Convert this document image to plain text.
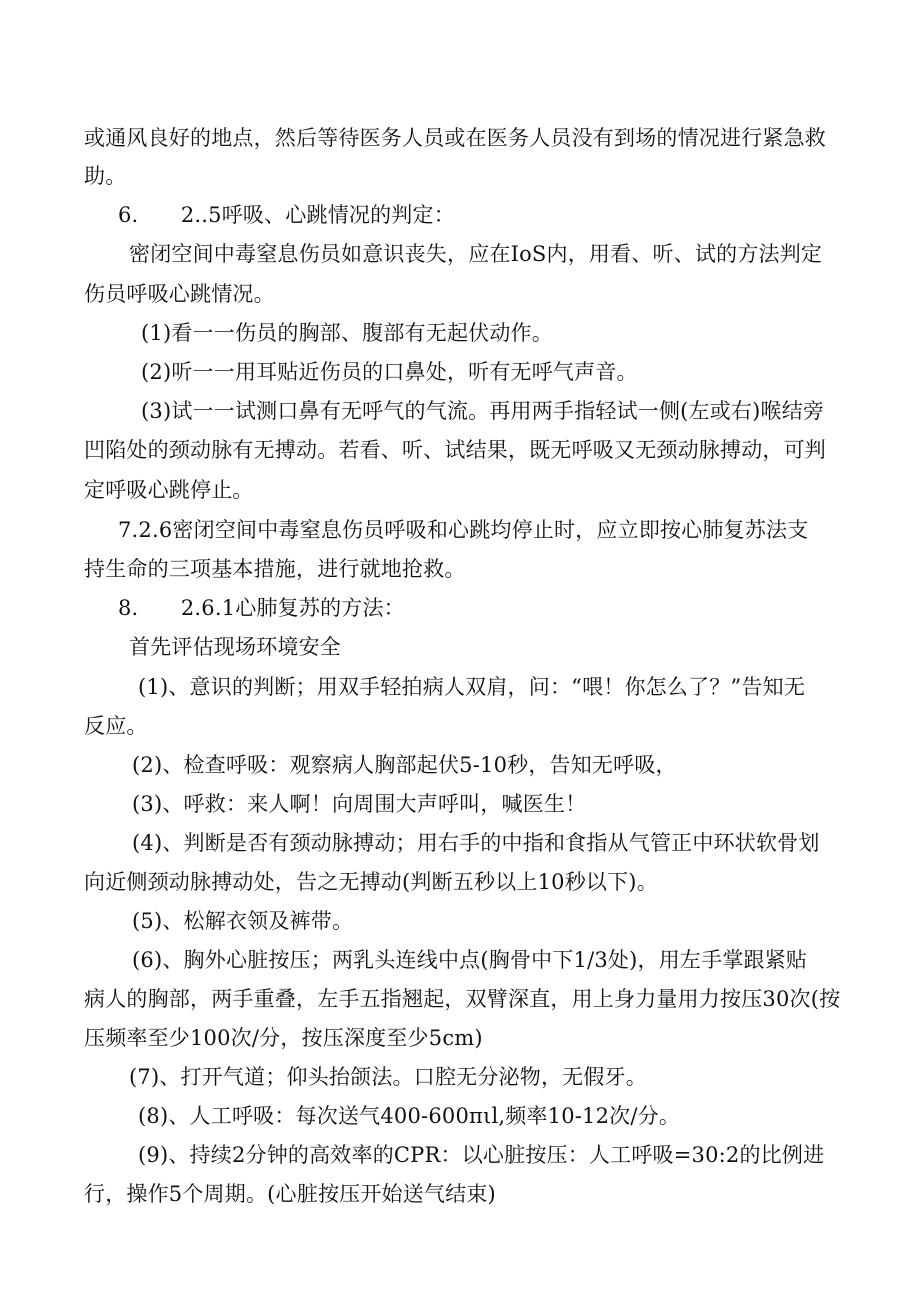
或通风良好的地点，然后等待医务人员或在医务人员没有到场的情况进行紧急救
助。
6.　　2..5呼吸、心跳情况的判定：
密闭空间中毒窒息伤员如意识丧失，应在IoS内，用看、听、试的方法判定
伤员呼吸心跳情况。
(1)看一一伤员的胸部、腹部有无起伏动作。
(2)听一一用耳贴近伤员的口鼻处，听有无呼气声音。
(3)试一一试测口鼻有无呼气的气流。再用两手指轻试一侧(左或右)喉结旁
凹陷处的颈动脉有无搏动。若看、听、试结果，既无呼吸又无颈动脉搏动，可判
定呼吸心跳停止。
7.2.6密闭空间中毒窒息伤员呼吸和心跳均停止时，应立即按心肺复苏法支
持生命的三项基本措施，进行就地抢救。
8.　　2.6.1心肺复苏的方法：
首先评估现场环境安全
(1)、意识的判断；用双手轻拍病人双肩，问：“喂！你怎么了？”告知无
反应。
(2)、检查呼吸：观察病人胸部起伏5-10秒，告知无呼吸，
(3)、呼救：来人啊！向周围大声呼叫，喊医生！
(4)、判断是否有颈动脉搏动；用右手的中指和食指从气管正中环状软骨划
向近侧颈动脉搏动处，告之无搏动(判断五秒以上10秒以下)。
(5)、松解衣领及裤带。
(6)、胸外心脏按压；两乳头连线中点(胸骨中下1/3处)，用左手掌跟紧贴
病人的胸部，两手重叠，左手五指翘起，双臂深直，用上身力量用力按压30次(按
压频率至少100次/分，按压深度至少5cm)
(7)、打开气道；仰头抬颌法。口腔无分泌物，无假牙。
(8)、人工呼吸：每次送气400-600πιl,频率10-12次/分。
(9)、持续2分钟的高效率的CPR：以心脏按压：人工呼吸=30:2的比例进
行，操作5个周期。(心脏按压开始送气结束)
